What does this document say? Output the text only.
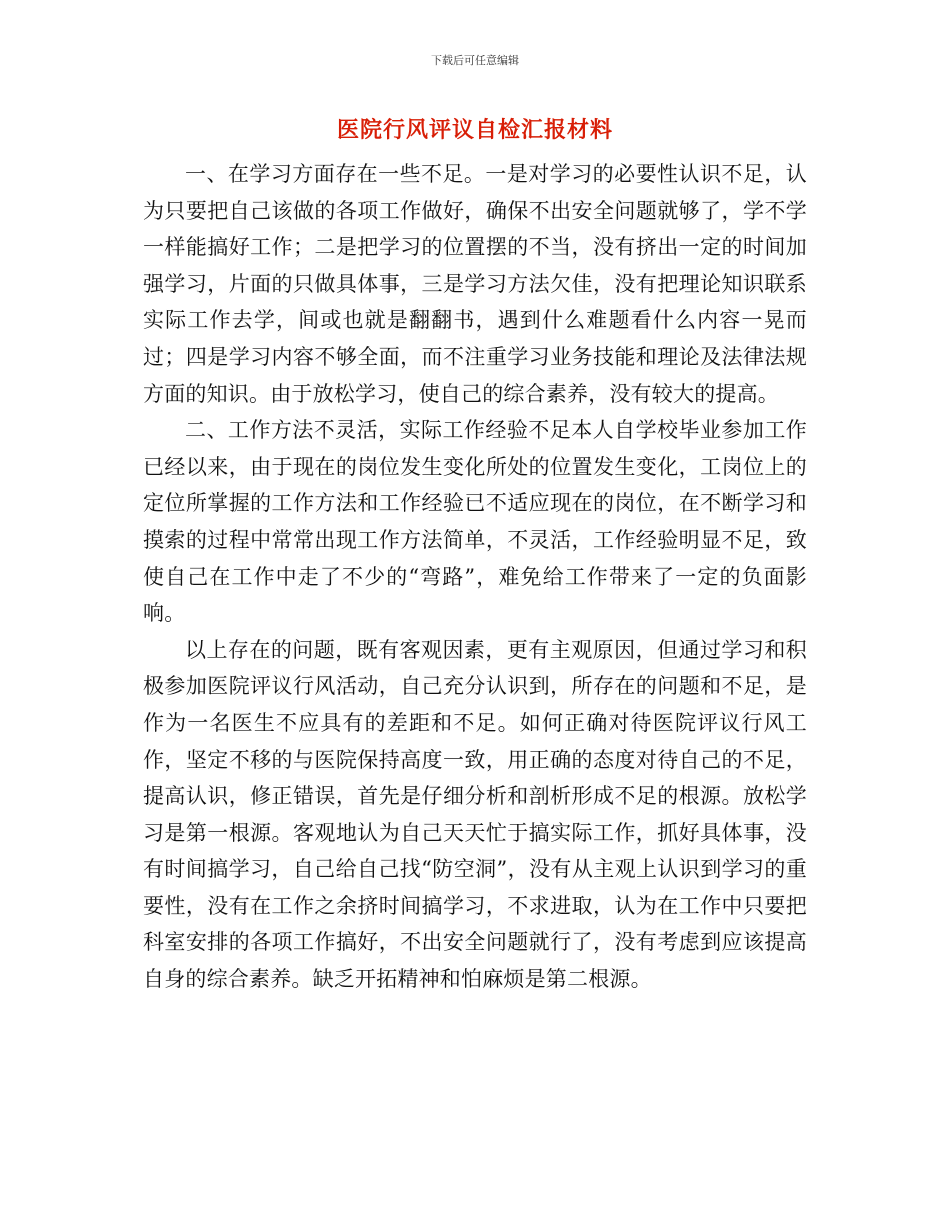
下载后可任意编辑
医院行风评议自检汇报材料

一、在学习方面存在一些不足。一是对学习的必要性认识不足，认为只要把自己该做的各项工作做好，确保不出安全问题就够了，学不学一样能搞好工作；二是把学习的位置摆的不当，没有挤出一定的时间加强学习，片面的只做具体事，三是学习方法欠佳，没有把理论知识联系实际工作去学，间或也就是翻翻书，遇到什么难题看什么内容一晃而过；四是学习内容不够全面，而不注重学习业务技能和理论及法律法规方面的知识。由于放松学习，使自己的综合素养，没有较大的提高。

二、工作方法不灵活，实际工作经验不足本人自学校毕业参加工作已经以来，由于现在的岗位发生变化所处的位置发生变化，工岗位上的定位所掌握的工作方法和工作经验已不适应现在的岗位，在不断学习和摸索的过程中常常出现工作方法简单，不灵活，工作经验明显不足，致使自己在工作中走了不少的“弯路”，难免给工作带来了一定的负面影响。

以上存在的问题，既有客观因素，更有主观原因，但通过学习和积极参加医院评议行风活动，自己充分认识到，所存在的问题和不足，是作为一名医生不应具有的差距和不足。如何正确对待医院评议行风工作，坚定不移的与医院保持高度一致，用正确的态度对待自己的不足，提高认识，修正错误，首先是仔细分析和剖析形成不足的根源。放松学习是第一根源。客观地认为自己天天忙于搞实际工作，抓好具体事，没有时间搞学习，自己给自己找“防空洞”，没有从主观上认识到学习的重要性，没有在工作之余挤时间搞学习，不求进取，认为在工作中只要把科室安排的各项工作搞好，不出安全问题就行了，没有考虑到应该提高自身的综合素养。缺乏开拓精神和怕麻烦是第二根源。
